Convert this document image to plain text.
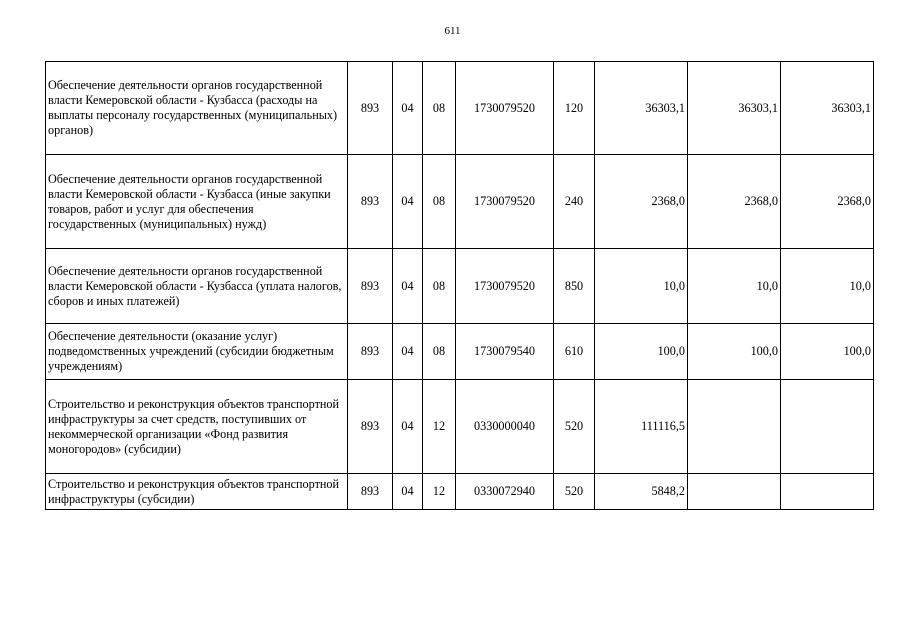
611
Обеспечение деятельности органов государственной власти Кемеровской области - Кузбасса (расходы на выплаты персоналу государственных (муниципальных) органов)	893	04	08	1730079520	120	36303,1	36303,1	36303,1
Обеспечение деятельности органов государственной власти Кемеровской области - Кузбасса (иные закупки товаров, работ и услуг для обеспечения государственных (муниципальных) нужд)	893	04	08	1730079520	240	2368,0	2368,0	2368,0
Обеспечение деятельности органов государственной власти Кемеровской области - Кузбасса (уплата налогов, сборов и иных платежей)	893	04	08	1730079520	850	10,0	10,0	10,0
Обеспечение деятельности (оказание услуг) подведомственных учреждений (субсидии бюджетным учреждениям)	893	04	08	1730079540	610	100,0	100,0	100,0
Строительство и реконструкция объектов транспортной инфраструктуры за счет средств, поступивших от некоммерческой организации «Фонд развития моногородов» (субсидии)	893	04	12	0330000040	520	111116,5		
Строительство и реконструкция объектов транспортной инфраструктуры (субсидии)	893	04	12	0330072940	520	5848,2		
